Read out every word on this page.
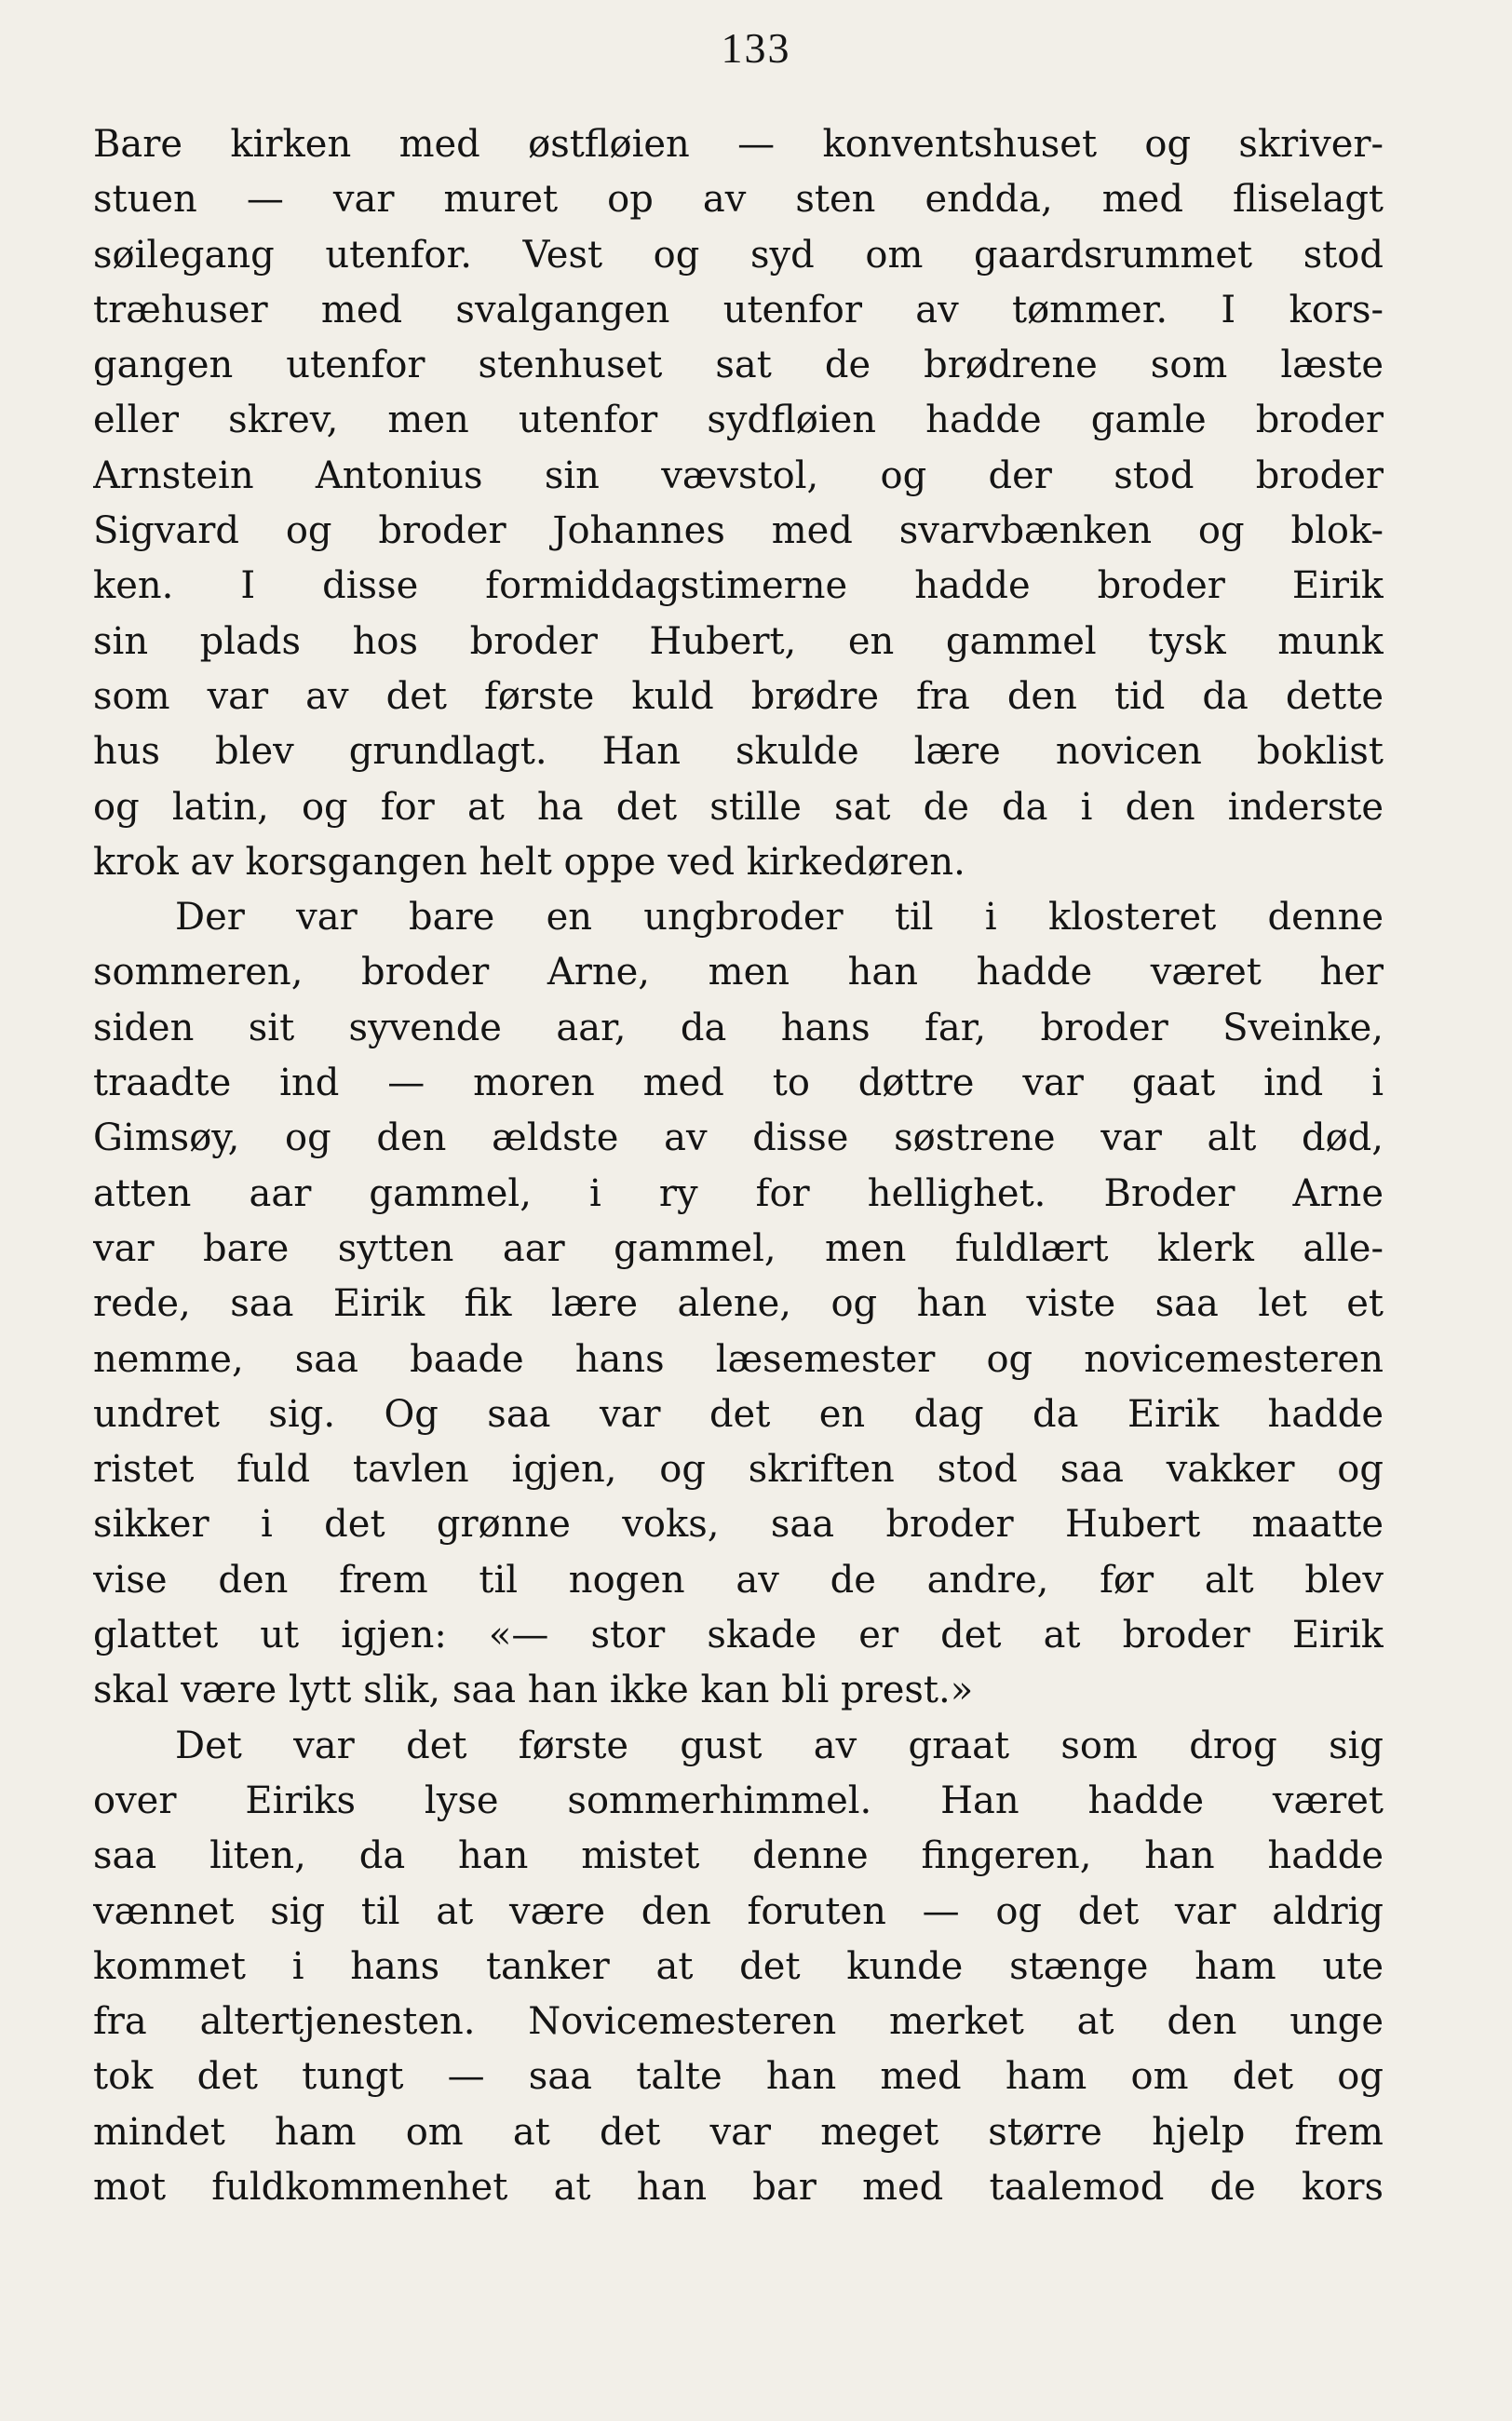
133
Bare kirken med østfløien — konventshuset og skriver-
stuen — var muret op av sten endda, med fliselagt
søilegang utenfor. Vest og syd om gaardsrummet stod
træhuser med svalgangen utenfor av tømmer. I kors-
gangen utenfor stenhuset sat de brødrene som læste
eller skrev, men utenfor sydfløien hadde gamle broder
Arnstein Antonius sin vævstol, og der stod broder
Sigvard og broder Johannes med svarvbænken og blok-
ken. I disse formiddagstimerne hadde broder Eirik
sin plads hos broder Hubert, en gammel tysk munk
som var av det første kuld brødre fra den tid da dette
hus blev grundlagt. Han skulde lære novicen boklist
og latin, og for at ha det stille sat de da i den inderste
krok av korsgangen helt oppe ved kirkedøren.
Der var bare en ungbroder til i klosteret denne
sommeren, broder Arne, men han hadde været her
siden sit syvende aar, da hans far, broder Sveinke,
traadte ind — moren med to døttre var gaat ind i
Gimsøy, og den ældste av disse søstrene var alt død,
atten aar gammel, i ry for hellighet. Broder Arne
var bare sytten aar gammel, men fuldlært klerk alle-
rede, saa Eirik fik lære alene, og han viste saa let et
nemme, saa baade hans læsemester og novicemesteren
undret sig. Og saa var det en dag da Eirik hadde
ristet fuld tavlen igjen, og skriften stod saa vakker og
sikker i det grønne voks, saa broder Hubert maatte
vise den frem til nogen av de andre, før alt blev
glattet ut igjen: «— stor skade er det at broder Eirik
skal være lytt slik, saa han ikke kan bli prest.»
Det var det første gust av graat som drog sig
over Eiriks lyse sommerhimmel. Han hadde været
saa liten, da han mistet denne fingeren, han hadde
vænnet sig til at være den foruten — og det var aldrig
kommet i hans tanker at det kunde stænge ham ute
fra altertjenesten. Novicemesteren merket at den unge
tok det tungt — saa talte han med ham om det og
mindet ham om at det var meget større hjelp frem
mot fuldkommenhet at han bar med taalemod de kors
